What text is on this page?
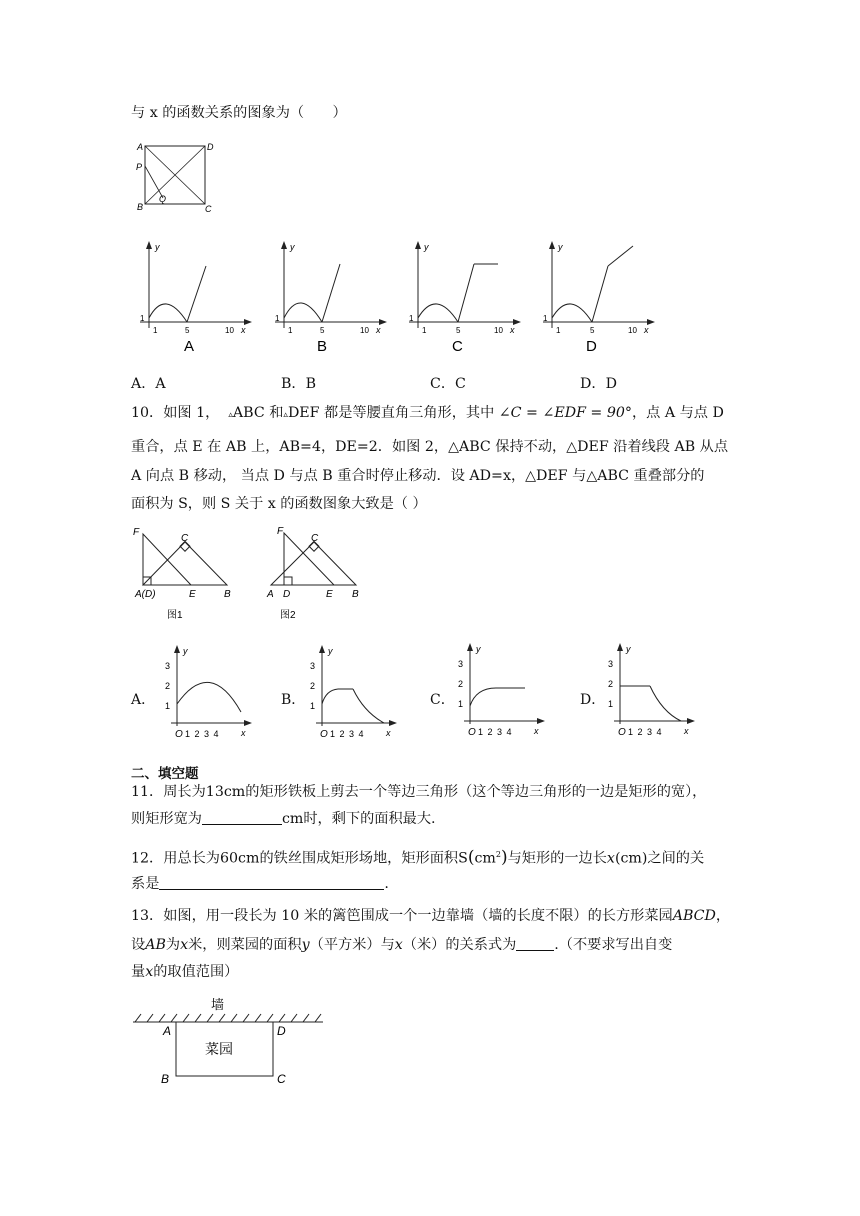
与 x 的函数关系的图象为（　　）
A	D
P
B
Q
C
y
1
1	5	10 x
A
y
1
1	5	10 x
B
y
1
1	5	10 x
C
y
1
1	5	10 x
D
A．A	B．B	C．C	D．D
10．如图 1， ▵ABC 和▵DEF 都是等腰直角三角形，其中 ∠C = ∠EDF = 90°，点 A 与点 D
重合，点 E 在 AB 上，AB=4，DE=2．如图 2，△ABC 保持不动，△DEF 沿着线段 AB 从点
A 向点 B 移动， 当点 D 与点 B 重合时停止移动．设 AD=x，△DEF 与△ABC 重叠部分的
面积为 S，则 S 关于 x 的函数图象大致是（ ）
F
C
A(D)	E	B
图1
F
C
A D	E B
图2
A．
y
3
2
1
O 1 2 3 4 x
B．
y
3
2
1
O 1 2 3 4 x
C．
y
3
2
1
O 1 2 3 4 x
D．
y
3
2
1
O 1 2 3 4 x
二、填空题
11．周长为13cm的矩形铁板上剪去一个等边三角形（这个等边三角形的一边是矩形的宽），
则矩形宽为	cm时，剩下的面积最大.
12．用总长为60cm的铁丝围成矩形场地，矩形面积$S(cm^2)$与矩形的一边长x(cm)之间的关
系是	.
13．如图，用一段长为 10 米的篱笆围成一个一边靠墙（墙的长度不限）的长方形菜园ABCD，
设AB为x米，则菜园的面积y（平方米）与x（米）的关系式为	.（不要求写出自变
量x的取值范围）
墙
A	D
菜园
B	C
